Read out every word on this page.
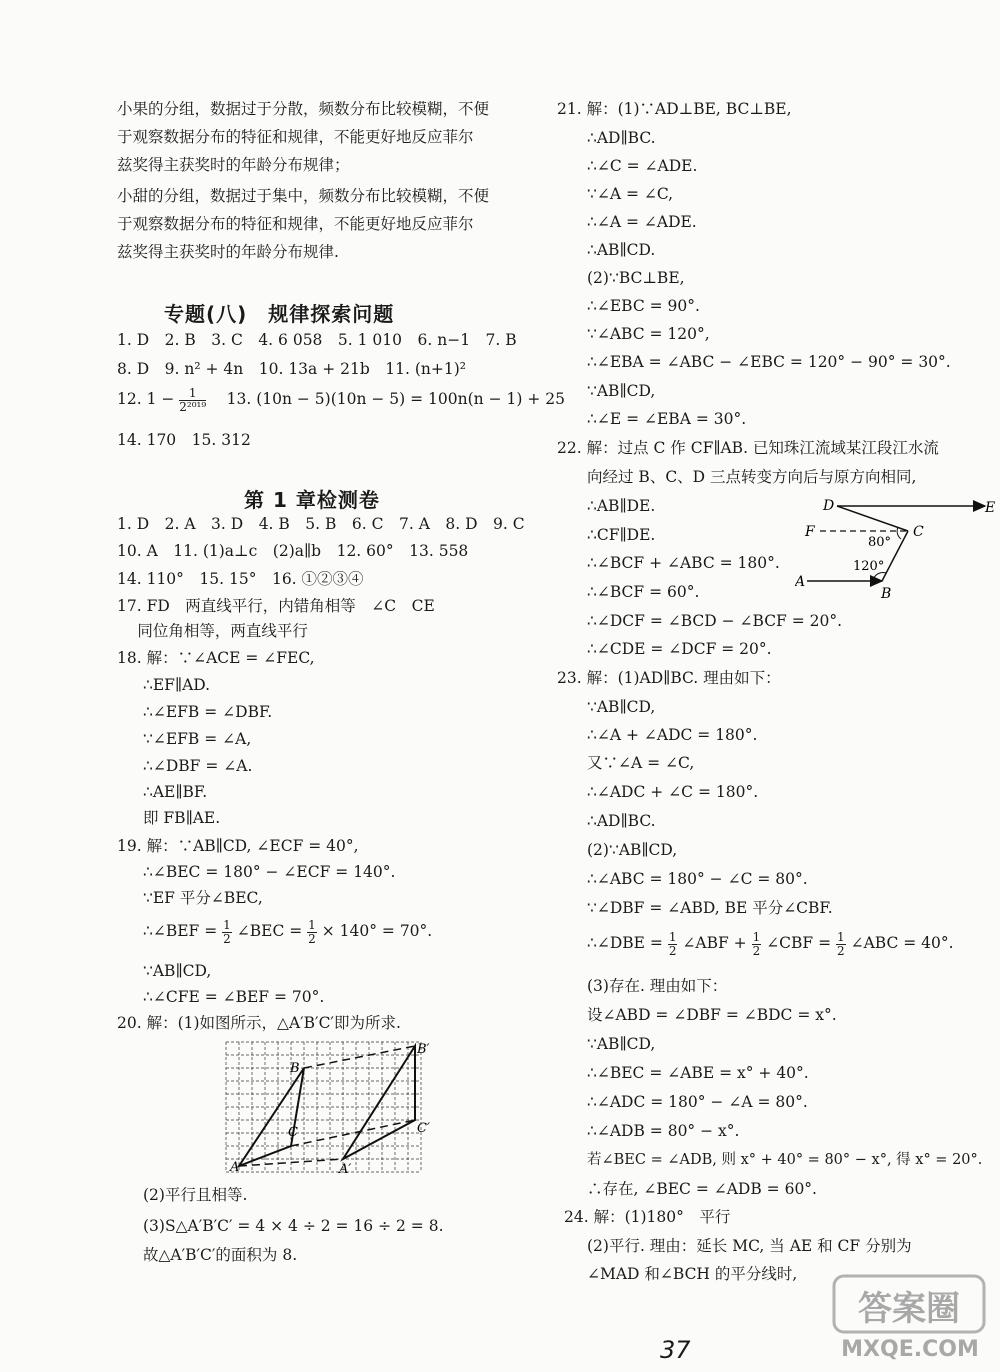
小果的分组，数据过于分散，频数分布比较模糊，不便
于观察数据分布的特征和规律，不能更好地反应菲尔
兹奖得主获奖时的年龄分布规律；
小甜的分组，数据过于集中，频数分布比较模糊，不便
于观察数据分布的特征和规律，不能更好地反应菲尔
兹奖得主获奖时的年龄分布规律.
专题(八)　规律探索问题
1. D　2. B　3. C　4. 6 058　5. 1 010　6. n−1　7. B
8. D　9. n² + 4n　10. 13a + 21b　11. (n+1)²
12. $1 - \frac{1}{\text{2²⁰¹⁹}}$ 　13. (10n − 5)(10n − 5) = 100n(n − 1) + 25
14. 170　15. 312
第 1 章检测卷
1. D　2. A　3. D　4. B　5. B　6. C　7. A　8. D　9. C
10. A　11. (1)a⊥c　(2)a∥b　12. 60°　13. 558
14. 110°　15. 15°　16. ①②③④
17. FD　两直线平行，内错角相等　∠C　CE
　 同位角相等，两直线平行
18. 解：∵∠ACE = ∠FEC,
∴EF∥AD.
∴∠EFB = ∠DBF.
∵∠EFB = ∠A,
∴∠DBF = ∠A.
∴AE∥BF.
即 FB∥AE.
19. 解：∵AB∥CD, ∠ECF = 40°,
∴∠BEC = 180° − ∠ECF = 140°.
∵EF 平分∠BEC,
∴∠BEF = $\frac{1}{2}$ ∠BEC = $\frac{1}{2} \times 140^\circ = 70^\circ$.
∵AB∥CD,
∴∠CFE = ∠BEF = 70°.
20. 解：(1)如图所示，△A′B′C′即为所求.
A
B
C
A′
B′
C′
(2)平行且相等.
(3)S△A′B′C′ = 4 × 4 ÷ 2 = 16 ÷ 2 = 8.
故△A′B′C′的面积为 8.
21. 解：(1)∵AD⊥BE, BC⊥BE,
∴AD∥BC.
∴∠C = ∠ADE.
∵∠A = ∠C,
∴∠A = ∠ADE.
∴AB∥CD.
(2)∵BC⊥BE,
∴∠EBC = 90°.
∵∠ABC = 120°,
∴∠EBA = ∠ABC − ∠EBC = 120° − 90° = 30°.
∵AB∥CD,
∴∠E = ∠EBA = 30°.
22. 解：过点 C 作 CF∥AB. 已知珠江流域某江段江水流
向经过 B、C、D 三点转变方向后与原方向相同,
∴AB∥DE.
∴CF∥DE.
∴∠BCF + ∠ABC = 180°.
∴∠BCF = 60°.
∴∠DCF = ∠BCD − ∠BCF = 20°.
∴∠CDE = ∠DCF = 20°.
D	E
F	C
A
B
80°
120°
23. 解：(1)AD∥BC. 理由如下：
∵AB∥CD,
∴∠A + ∠ADC = 180°.
又∵∠A = ∠C,
∴∠ADC + ∠C = 180°.
∴AD∥BC.
(2)∵AB∥CD,
∴∠ABC = 180° − ∠C = 80°.
∵∠DBF = ∠ABD, BE 平分∠CBF.
∴∠DBE = $\frac{1}{2}$ ∠ABF + $\frac{1}{2}$ ∠CBF = $\frac{1}{2}$ ∠ABC = 40°.
(3)存在. 理由如下：
设∠ABD = ∠DBF = ∠BDC = x°.
∵AB∥CD,
∴∠BEC = ∠ABE = x° + 40°.
∴∠ADC = 180° − ∠A = 80°.
∴∠ADB = 80° − x°.
若∠BEC = ∠ADB, 则 x° + 40° = 80° − x°, 得 x° = 20°.
∴存在, ∠BEC = ∠ADB = 60°.
24. 解：(1)180°　平行
(2)平行. 理由：延长 MC, 当 AE 和 CF 分别为
∠MAD 和∠BCH 的平分线时,
37
答案圈
MXQE.COM
